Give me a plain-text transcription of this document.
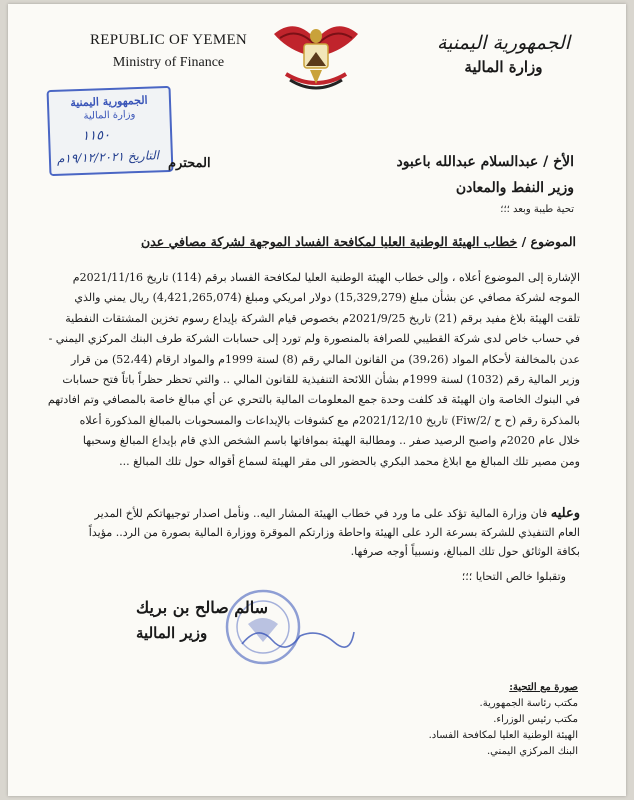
REPUBLIC OF YEMEN
Ministry of Finance
الجمهورية اليمنية
وزارة المالية
الجمهورية اليمنية
وزارة المالية
١١٥٠
التاريخ ١٩/١٢/٢٠٢١م	الأخ / عبدالسلام عبدالله باعبود
المحترم
وزير النفط والمعادن
تحية طيبة وبعد ؛؛؛
الموضوع / خطاب الهيئة الوطنية العليا لمكافحة الفساد الموجهة لشركة مصافي عدن

الإشارة إلى الموضوع أعلاه ، وإلى خطاب الهيئة الوطنية العليا لمكافحة الفساد برقم (114) تاريخ 2021/11/16م

الموجه لشركة مصافي عن بشأن مبلغ (15,329,279) دولار امريكي ومبلغ (4,421,265,074) ريال يمني والذي

تلقت الهيئة بلاغ مفيد برقم (21) تاريخ 2021/9/25م بخصوص قيام الشركة بإيداع رسوم تخزين المشتقات النفطية

في حساب خاص لدى شركة القطيبي للصرافة بالمنصورة ولم تورد إلى حسابات الشركة طرف البنك المركزي اليمني -

عدن بالمخالفة لأحكام المواد (39،26) من القانون المالي رقم (8) لسنة 1999م والمواد ارقام (52،44) من قرار

وزير المالية رقم (1032) لسنة 1999م بشأن اللائحة التنفيذية للقانون المالي .. والتي تحظر حظراً باتاً فتح حسابات

في البنوك الخاصة وان الهيئة قد كلفت وحدة جمع المعلومات المالية بالتحري عن أي مبالغ خاصة بالمصافي وتم افادتهم

بالمذكرة رقم (ح ح /2/Fiw) تاريخ 2021/12/10م مع كشوفات بالإيداعات والمسحوبات بالمبالغ المذكورة أعلاه

خلال عام 2020م واصبح الرصيد صفر .. ومطالبة الهيئة بموافاتها باسم الشخص الذي قام بإيداع المبالغ وسحبها

ومن مصير تلك المبالغ مع ابلاغ محمد البكري بالحضور الى مقر الهيئة لسماع أقواله حول تلك المبالغ ...

وعليه فان وزارة المالية تؤكد على ما ورد في خطاب الهيئة المشار اليه.. ونأمل اصدار توجيهاتكم للأخ المدير
العام التنفيذي للشركة بسرعة الرد على الهيئة واحاطة وزارتكم الموقرة ووزارة المالية بصورة من الرد.. مؤيداً
بكافة الوثائق حول تلك المبالغ، ونسبياً أوجه صرفها.
وتقبلوا خالص التحايا ؛؛؛
سالم صالح بن بريك
وزير المالية
صورة مع التحية:
مكتب رئاسة الجمهورية.
مكتب رئيس الوزراء.
الهيئة الوطنية العليا لمكافحة الفساد.
البنك المركزي اليمني.
